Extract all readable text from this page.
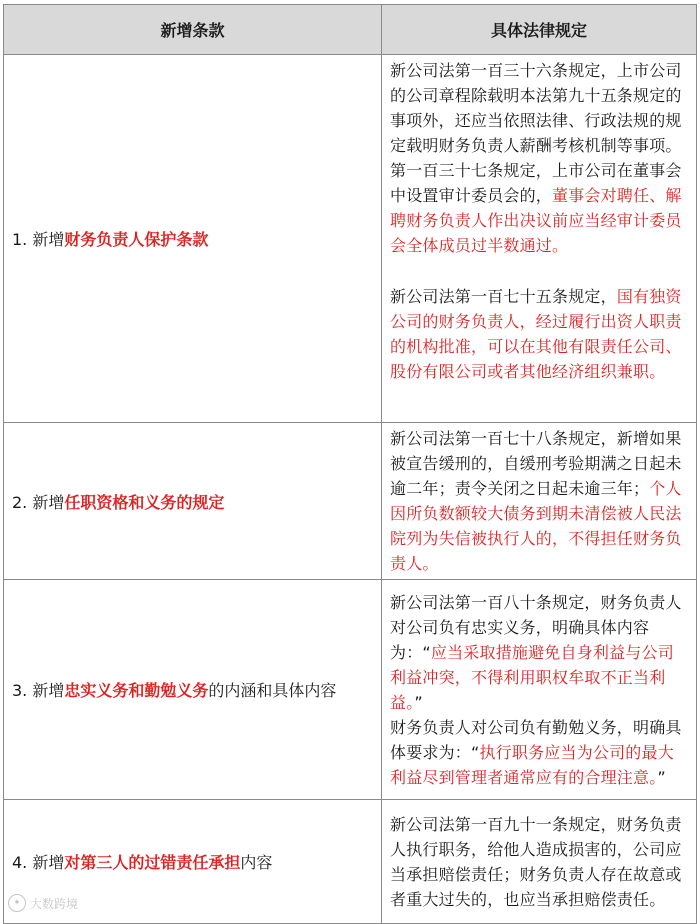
新增条款	具体法律规定
1. 新增财务负责人保护条款	新公司法第一百三十六条规定，上市公司的公司章程除载明本法第九十五条规定的事项外，还应当依照法律、行政法规的规定载明财务负责人薪酬考核机制等事项。第一百三十七条规定，上市公司在董事会中设置审计委员会的，董事会对聘任、解聘财务负责人作出决议前应当经审计委员会全体成员过半数通过。
新公司法第一百七十五条规定，国有独资公司的财务负责人，经过履行出资人职责的机构批准，可以在其他有限责任公司、股份有限公司或者其他经济组织兼职。

2. 新增任职资格和义务的规定	新公司法第一百七十八条规定，新增如果被宣告缓刑的，自缓刑考验期满之日起未逾二年；责令关闭之日起未逾三年；个人因所负数额较大债务到期未清偿被人民法院列为失信被执行人的，不得担任财务负责人。

3. 新增忠实义务和勤勉义务的内涵和具体内容	新公司法第一百八十条规定，财务负责人对公司负有忠实义务，明确具体内容为：“应当采取措施避免自身利益与公司利益冲突，不得利用职权牟取不正当利益。”
财务负责人对公司负有勤勉义务，明确具体要求为：“执行职务应当为公司的最大利益尽到管理者通常应有的合理注意。”

4. 新增对第三人的过错责任承担内容	新公司法第一百九十一条规定，财务负责人执行职务，给他人造成损害的，公司应当承担赔偿责任；财务负责人存在故意或者重大过失的，也应当承担赔偿责任。
✦ 大数跨境
